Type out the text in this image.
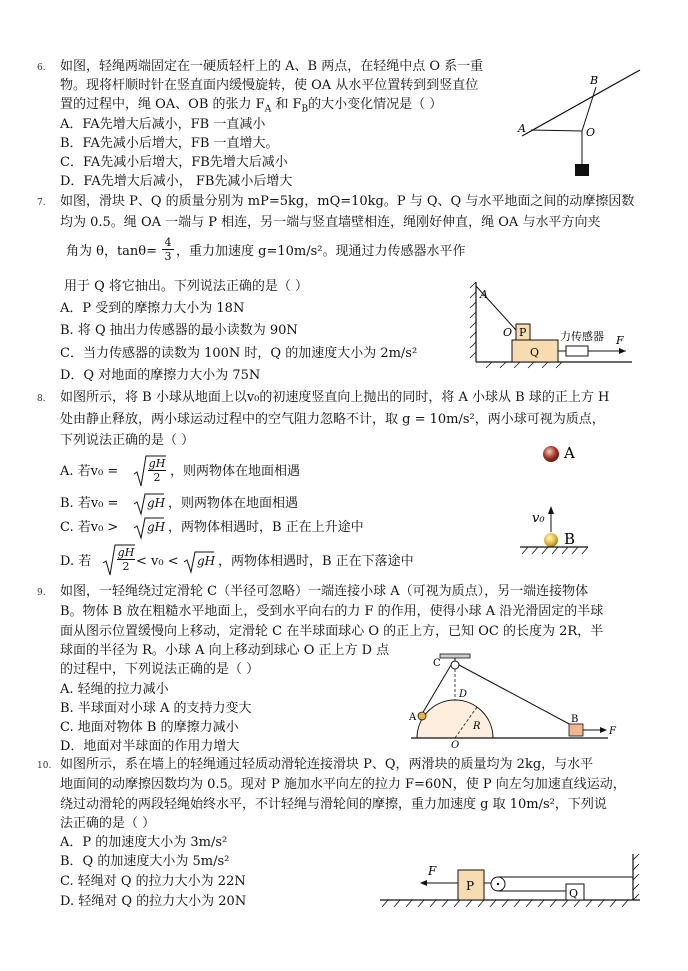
6. 如图，轻绳两端固定在一硬质轻杆上的 A、B 两点，在轻绳中点 O 系一重
物。现将杆顺时针在竖直面内缓慢旋转，使 OA 从水平位置转到到竖直位
置的过程中，绳 OA、OB 的张力 $F_A$ 和 $F_B$的大小变化情况是（ ）
A．FA先增大后减小，FB 一直减小
B．FA先减小后增大，FB 一直增大。
C．FA先减小后增大，FB先增大后减小
D．FA先增大后减小， FB先减小后增大
A
B
O
7. 如图，滑块 P、Q 的质量分别为 mP=5kg，mQ=10kg。P 与 Q、Q 与水平地面之间的动摩擦因数
均为 0.5。绳 OA 一端与 P 相连，另一端与竖直墙壁相连，绳刚好伸直，绳 OA 与水平方向夹
角为 θ，tanθ=
4
3 ，重力加速度 g=10m/s²。现通过力传感器水平作
用于 Q 将它抽出。下列说法正确的是（ ）
A．P 受到的摩擦力大小为 18N
B. 将 Q 抽出力传感器的最小读数为 90N
C．当力传感器的读数为 100N 时，Q 的加速度大小为 2m/s²
D．Q 对地面的摩擦力大小为 75N
A
O P
Q
力传感器 F
8. 如图所示，将 B 小球从地面上以v₀的初速度竖直向上抛出的同时，将 A 小球从 B 球的正上方 H
处由静止释放，两小球运动过程中的空气阻力忽略不计，取 g = 10m/s²，两小球可视为质点，
下列说法正确的是（ ）
A. 若v₀ =
gH
2 ，则两物体在地面相遇
B. 若v₀ = gH ，则两物体在地面相遇
C. 若v₀ > gH ，两物体相遇时，B 正在上升途中
D. 若
gH
2 < v₀ < gH ，两物体相遇时，B 正在下落途中
A
v₀
B
9. 如图，一轻绳绕过定滑轮 C（半径可忽略）一端连接小球 A（可视为质点），另一端连接物体
B。物体 B 放在粗糙水平地面上，受到水平向右的力 F 的作用，使得小球 A 沿光滑固定的半球
面从图示位置缓慢向上移动，定滑轮 C 在半球面球心 O 的正上方，已知 OC 的长度为 2R，半
球面的半径为 R。小球 A 向上移动到球心 O 正上方 D 点
的过程中，下列说法正确的是（ ）
A. 轻绳的拉力减小
B. 半球面对小球 A 的支持力变大
C. 地面对物体 B 的摩擦力减小
D．地面对半球面的作用力增大
C
D
A
R
O
B
F
10. 如图所示，系在墙上的轻绳通过轻质动滑轮连接滑块 P、Q，两滑块的质量均为 2kg，与水平
地面间的动摩擦因数均为 0.5。现对 P 施加水平向左的拉力 F=60N，使 P 向左匀加速直线运动，
绕过动滑轮的两段轻绳始终水平，不计轻绳与滑轮间的摩擦，重力加速度 g 取 10m/s²，下列说
法正确的是（ ）
A．P 的加速度大小为 3m/s²
B．Q 的加速度大小为 5m/s²
C. 轻绳对 Q 的拉力大小为 22N
D. 轻绳对 Q 的拉力大小为 20N
F
P
Q
